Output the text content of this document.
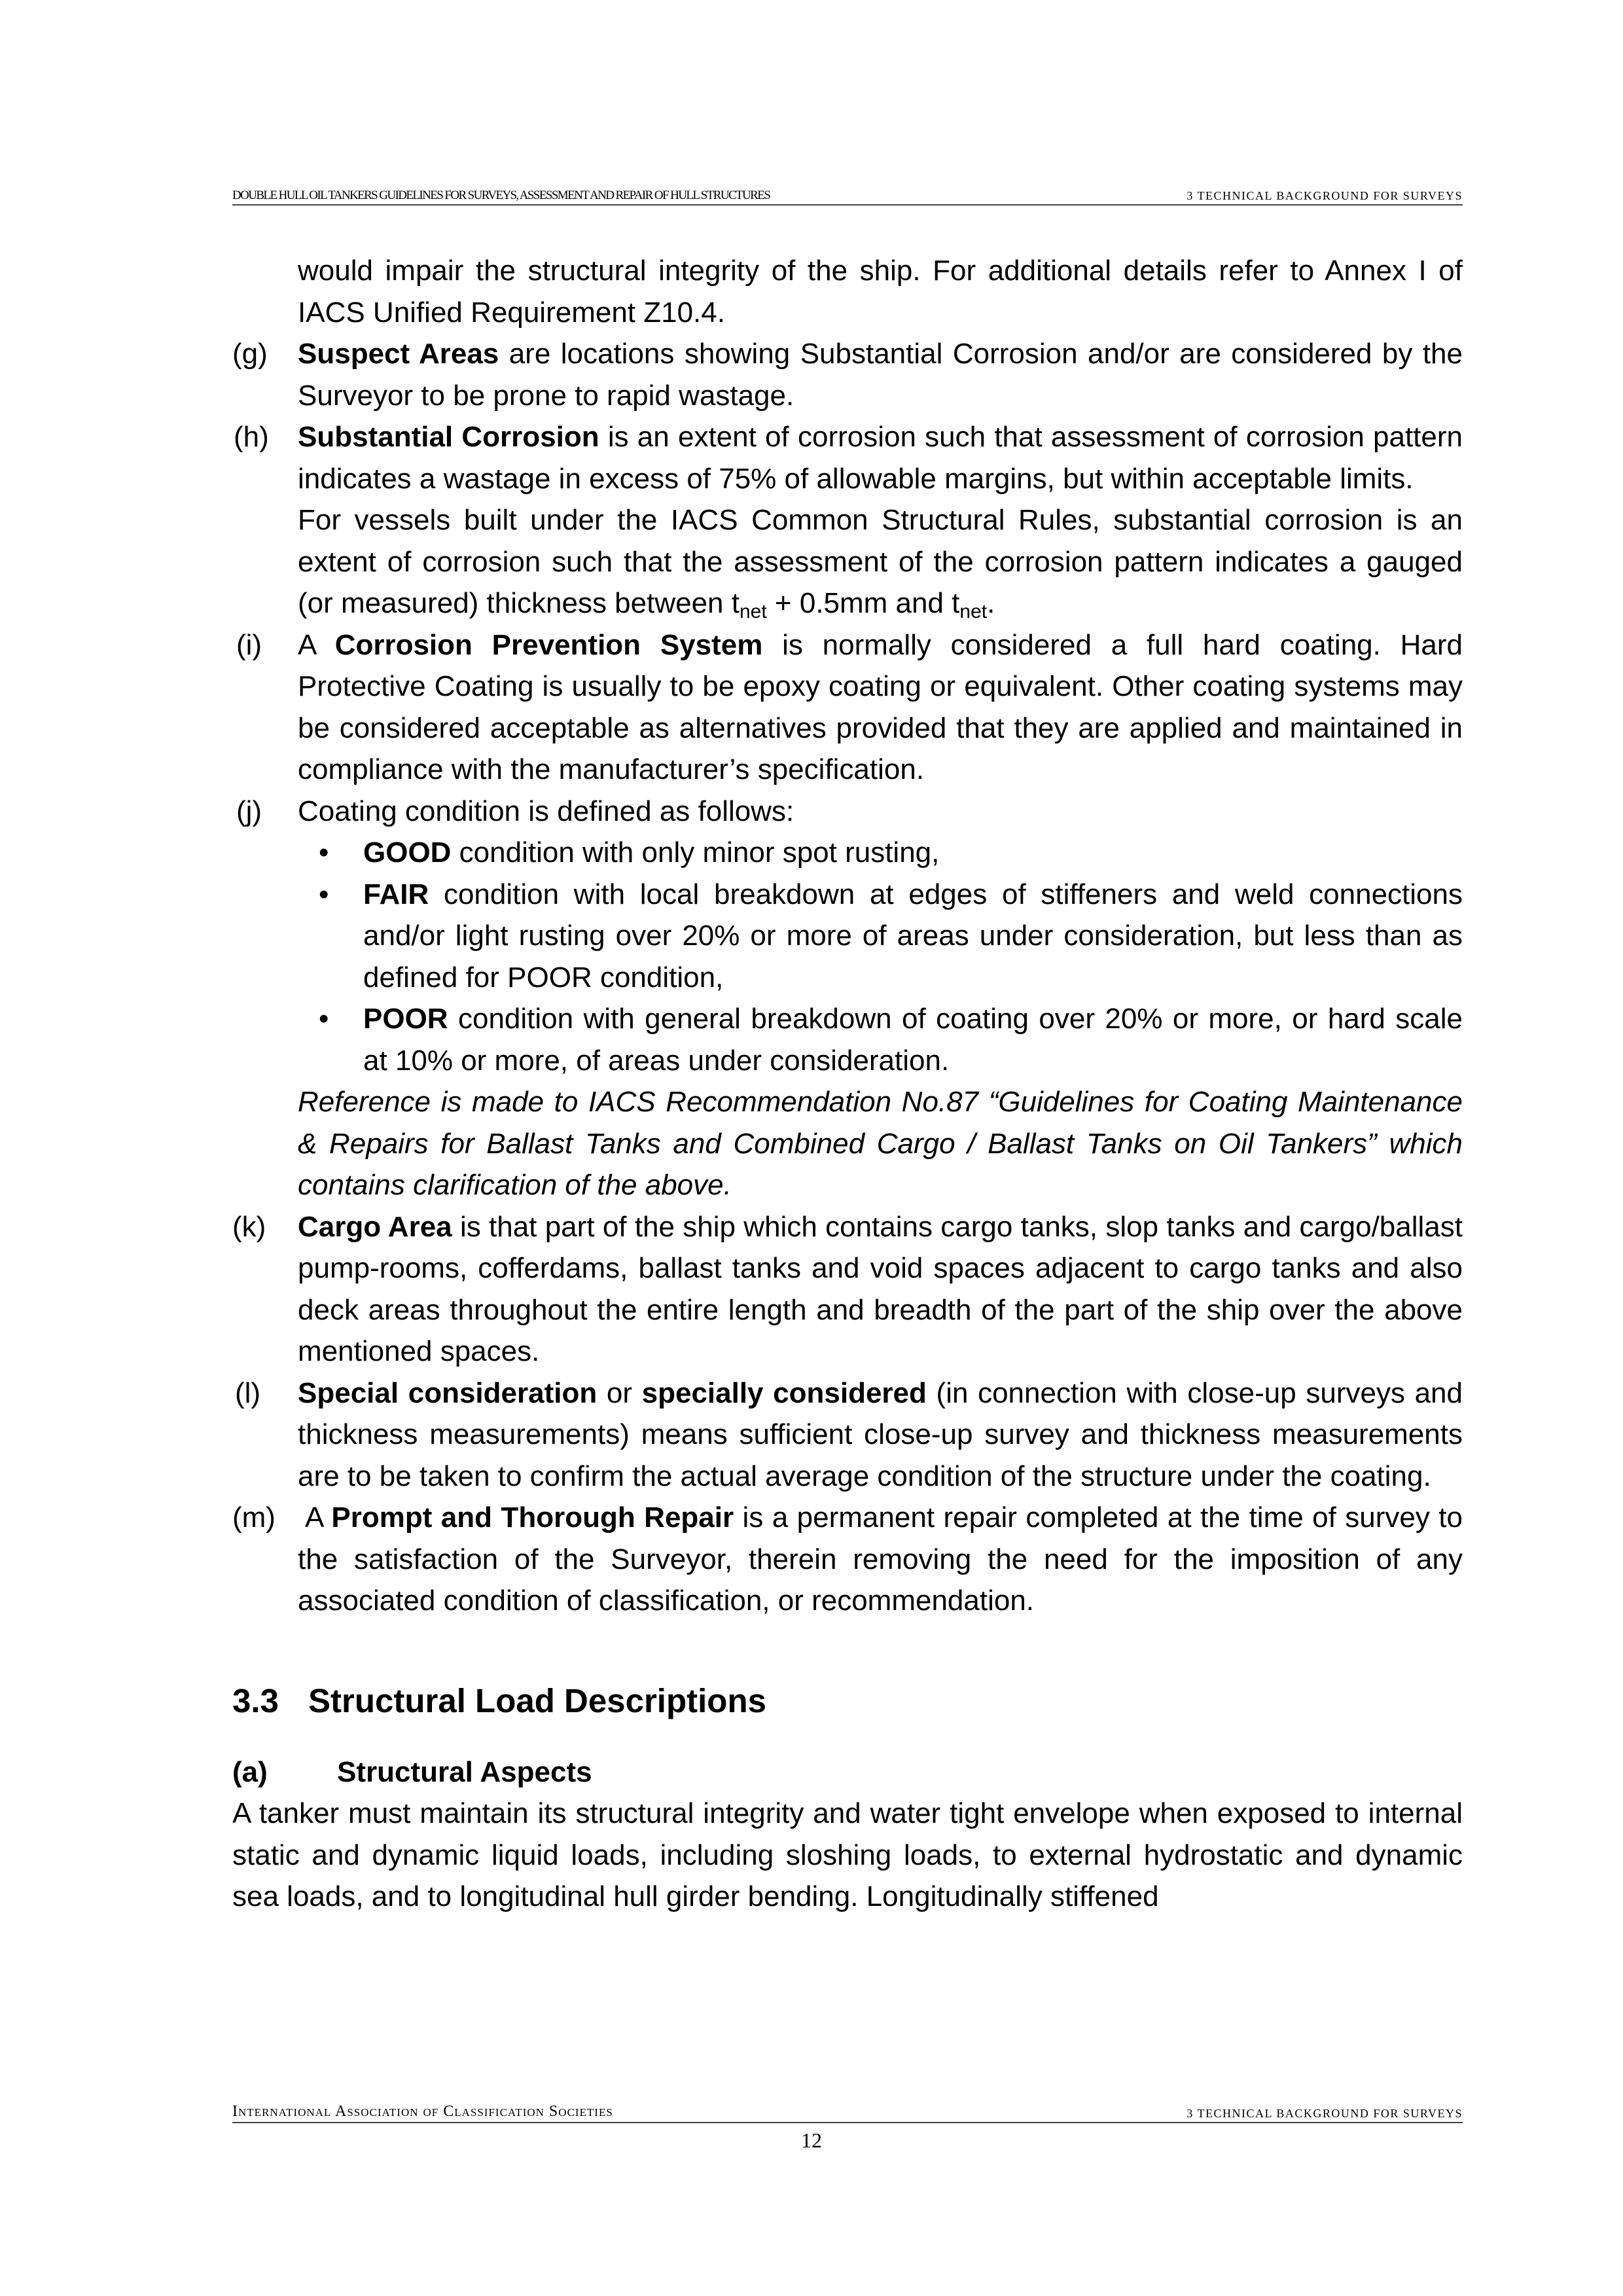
DOUBLE HULL OIL TANKERS GUIDELINES FOR SURVEYS, ASSESSMENT AND REPAIR OF HULL STRUCTURES	3 TECHNICAL BACKGROUND FOR SURVEYS
would impair the structural integrity of the ship. For additional details refer to Annex I of IACS Unified Requirement Z10.4.
(g) Suspect Areas are locations showing Substantial Corrosion and/or are considered by the Surveyor to be prone to rapid wastage.
(h) Substantial Corrosion is an extent of corrosion such that assessment of corrosion pattern indicates a wastage in excess of 75% of allowable margins, but within acceptable limits.
For vessels built under the IACS Common Structural Rules, substantial corrosion is an extent of corrosion such that the assessment of the corrosion pattern indicates a gauged (or measured) thickness between $t_{net} + 0.5mm$ and $t_{net}$.
(i) A Corrosion Prevention System is normally considered a full hard coating. Hard Protective Coating is usually to be epoxy coating or equivalent. Other coating systems may be considered acceptable as alternatives provided that they are applied and maintained in compliance with the manufacturer’s specification.
(j) Coating condition is defined as follows:
• GOOD condition with only minor spot rusting,
• FAIR condition with local breakdown at edges of stiffeners and weld connections and/or light rusting over 20% or more of areas under consideration, but less than as defined for POOR condition,
• POOR condition with general breakdown of coating over 20% or more, or hard scale at 10% or more, of areas under consideration.
Reference is made to IACS Recommendation No.87 “Guidelines for Coating Maintenance & Repairs for Ballast Tanks and Combined Cargo / Ballast Tanks on Oil Tankers” which contains clarification of the above.
(k) Cargo Area is that part of the ship which contains cargo tanks, slop tanks and cargo/ballast pump-rooms, cofferdams, ballast tanks and void spaces adjacent to cargo tanks and also deck areas throughout the entire length and breadth of the part of the ship over the above mentioned spaces.
(l) Special consideration or specially considered (in connection with close-up surveys and thickness measurements) means sufficient close-up survey and thickness measurements are to be taken to confirm the actual average condition of the structure under the coating.
(m) A Prompt and Thorough Repair is a permanent repair completed at the time of survey to the satisfaction of the Surveyor, therein removing the need for the imposition of any associated condition of classification, or recommendation.
3.3 Structural Load Descriptions
(a) Structural Aspects
A tanker must maintain its structural integrity and water tight envelope when exposed to internal static and dynamic liquid loads, including sloshing loads, to external hydrostatic and dynamic sea loads, and to longitudinal hull girder bending. Longitudinally stiffened
International Association of Classification Societies	3 TECHNICAL BACKGROUND FOR SURVEYS
12
